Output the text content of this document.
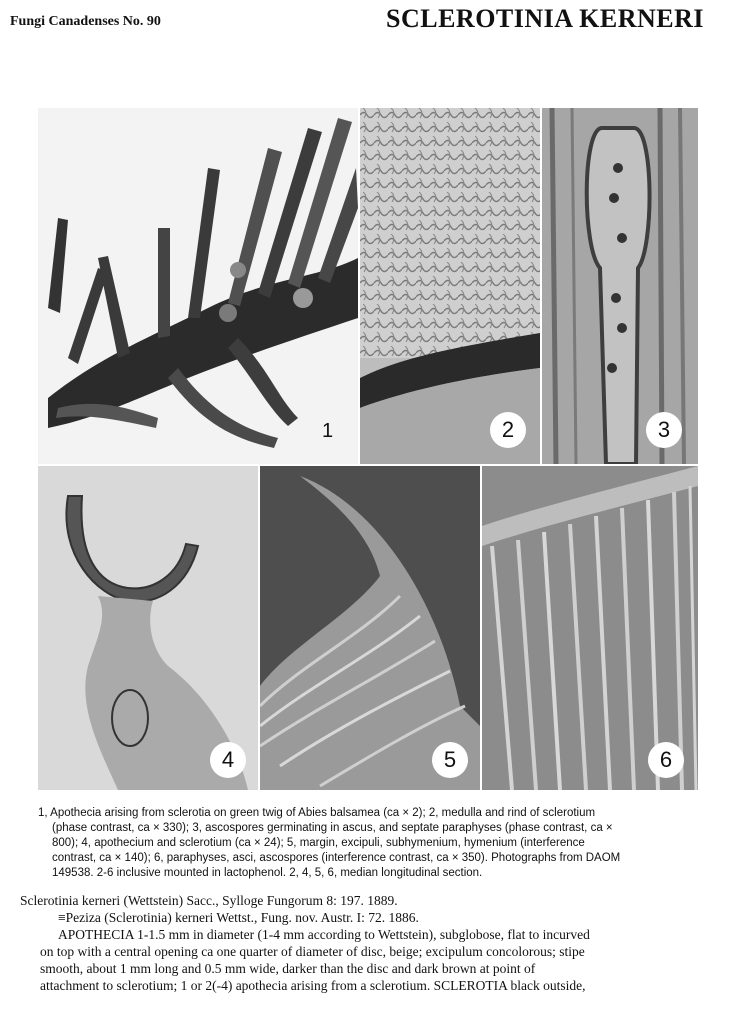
Fungi Canadenses No. 90	SCLEROTINIA KERNERI
1	2	3
4	5	6
1, Apothecia arising from sclerotia on green twig of Abies balsamea (ca × 2); 2, medulla and rind of sclerotium
(phase contrast, ca × 330); 3, ascospores germinating in ascus, and septate paraphyses (phase contrast, ca ×
800); 4, apothecium and sclerotium (ca × 24); 5, margin, excipuli, subhymenium, hymenium (interference
contrast, ca × 140); 6, paraphyses, asci, ascospores (interference contrast, ca × 350). Photographs from DAOM
149538. 2-6 inclusive mounted in lactophenol. 2, 4, 5, 6, median longitudinal section.

Sclerotinia kerneri (Wettstein) Sacc., Sylloge Fungorum 8: 197. 1889.

≡Peziza (Sclerotinia) kerneri Wettst., Fung. nov. Austr. I: 72. 1886.

APOTHECIA 1-1.5 mm in diameter (1-4 mm according to Wettstein), subglobose, flat to incurved

on top with a central opening ca one quarter of diameter of disc, beige; excipulum concolorous; stipe

smooth, about 1 mm long and 0.5 mm wide, darker than the disc and dark brown at point of

attachment to sclerotium; 1 or 2(-4) apothecia arising from a sclerotium. SCLEROTIA black outside,
